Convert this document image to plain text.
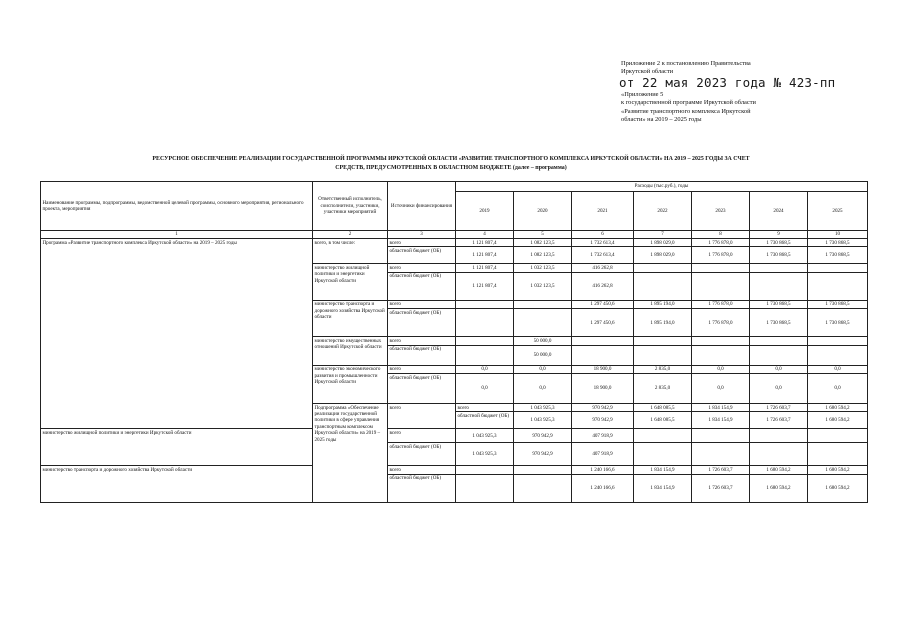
Приложение 2 к постановлению Правительства
Иркутской области
от 22 мая 2023 года № 423-пп
«Приложение 5
к государственной программе Иркутской области
«Развитие транспортного комплекса Иркутской
области» на 2019 – 2025 годы
РЕСУРСНОЕ ОБЕСПЕЧЕНИЕ РЕАЛИЗАЦИИ ГОСУДАРСТВЕННОЙ ПРОГРАММЫ ИРКУТСКОЙ ОБЛАСТИ «РАЗВИТИЕ ТРАНСПОРТНОГО КОМПЛЕКСА ИРКУТСКОЙ ОБЛАСТИ» НА 2019 – 2025 ГОДЫ ЗА СЧЕТ
СРЕДСТВ, ПРЕДУСМОТРЕННЫХ В ОБЛАСТНОМ БЮДЖЕТЕ (далее – программа)
Наименование программы, подпрограммы, ведомственной целевой программы, основного мероприятия, регионального проекта, мероприятия	Ответственный исполнитель, соисполнители, участники, участники мероприятий	Источники финансирования	Расходы (тыс.руб.), годы							
			2019	2020	2021	2022	2023	2024	2025	
1	2	3	4	5	6	7	8	9	10	
Программа «Развитие транспортного комплекса Иркутской области» на 2019 – 2025 годы	всего, в том числе:	всего	1 121 807,4	1 082 123,5	1 732 613,4	1 898 029,0	1 776 878,0	1 730 868,5	1 730 868,5	
		областной бюджет (ОБ)	1 121 807,4	1 082 123,5	1 732 613,4	1 898 029,0	1 776 878,0	1 730 868,5	1 730 868,5	
	министерство жилищной политики и энергетики Иркутской области	всего	1 121 807,4	1 032 123,5	416 262,8					
		областной бюджет (ОБ)	1 121 807,4	1 032 123,5	416 262,8					
	министерство транспорта и дорожного хозяйства Иркутской области	всего			1 297 450,6	1 895 194,0	1 776 878,0	1 730 868,5	1 730 868,5	
		областной бюджет (ОБ)			1 297 450,6	1 895 194,0	1 776 878,0	1 730 868,5	1 730 868,5	
	министерство имущественных отношений Иркутской области	всего		50 000,0						
		областной бюджет (ОБ)		50 000,0						
	министерство экономического развития и промышленности Иркутской области	всего	0,0	0,0	18 900,0	2 835,0	0,0	0,0	0,0	
		областной бюджет (ОБ)	0,0	0,0	18 900,0	2 835,0	0,0	0,0	0,0	
	Подпрограмма «Обеспечение реализации государственной политики в сфере управления транспортным комплексом Иркутской области» на 2019 – 2025 годы	всего	всего	1 043 925,3	970 942,9	1 648 085,5	1 834 154,9	1 726 603,7	1 680 594,2	
			областной бюджет (ОБ)	1 043 925,3	970 942,9	1 648 085,5	1 834 154,9	1 726 603,7	1 680 594,2	
министерство жилищной политики и энергетики Иркутской области		всего	1 043 925,3	970 942,9	407 918,9					
		областной бюджет (ОБ)	1 043 925,3	970 942,9	407 918,9					
министерство транспорта и дорожного хозяйства Иркутской области		всего			1 240 166,6	1 834 154,9	1 726 603,7	1 680 594,2	1 680 594,2	
		областной бюджет (ОБ)			1 240 166,6	1 834 154,9	1 726 603,7	1 680 594,2	1 680 594,2	
